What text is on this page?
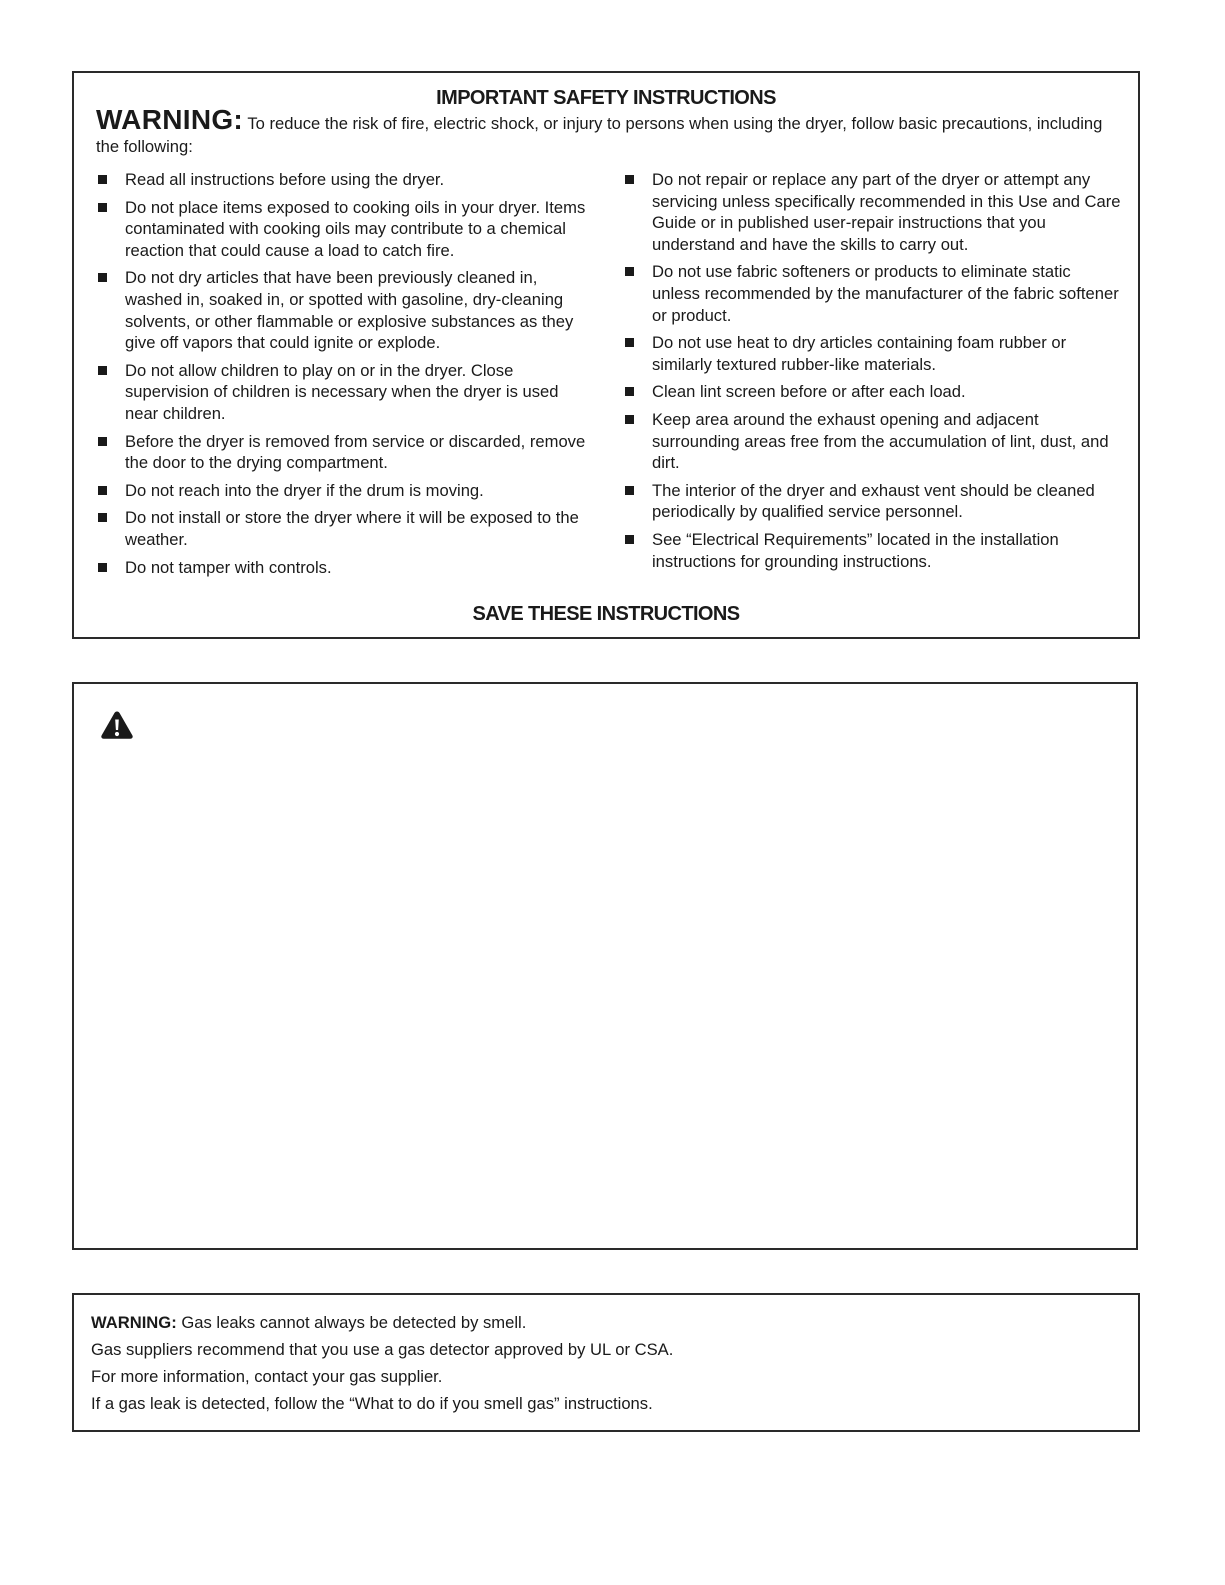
IMPORTANT SAFETY INSTRUCTIONS
WARNING: To reduce the risk of fire, electric shock, or injury to persons when using the dryer, follow basic precautions, including the following:
Read all instructions before using the dryer.
Do not place items exposed to cooking oils in your dryer. Items contaminated with cooking oils may contribute to a chemical reaction that could cause a load to catch fire.
Do not dry articles that have been previously cleaned in, washed in, soaked in, or spotted with gasoline, dry-cleaning solvents, or other flammable or explosive substances as they give off vapors that could ignite or explode.
Do not allow children to play on or in the dryer. Close supervision of children is necessary when the dryer is used near children.
Before the dryer is removed from service or discarded, remove the door to the drying compartment.
Do not reach into the dryer if the drum is moving.
Do not install or store the dryer where it will be exposed to the weather.
Do not tamper with controls.
Do not repair or replace any part of the dryer or attempt any servicing unless specifically recommended in this Use and Care Guide or in published user-repair instructions that you understand and have the skills to carry out.
Do not use fabric softeners or products to eliminate static unless recommended by the manufacturer of the fabric softener or product.
Do not use heat to dry articles containing foam rubber or similarly textured rubber-like materials.
Clean lint screen before or after each load.
Keep area around the exhaust opening and adjacent surrounding areas free from the accumulation of lint, dust, and dirt.
The interior of the dryer and exhaust vent should be cleaned periodically by qualified service personnel.
See “Electrical Requirements” located in the installation instructions for grounding instructions.
SAVE THESE INSTRUCTIONS
WARNING: Gas leaks cannot always be detected by smell.
Gas suppliers recommend that you use a gas detector approved by UL or CSA.
For more information, contact your gas supplier.
If a gas leak is detected, follow the “What to do if you smell gas” instructions.
